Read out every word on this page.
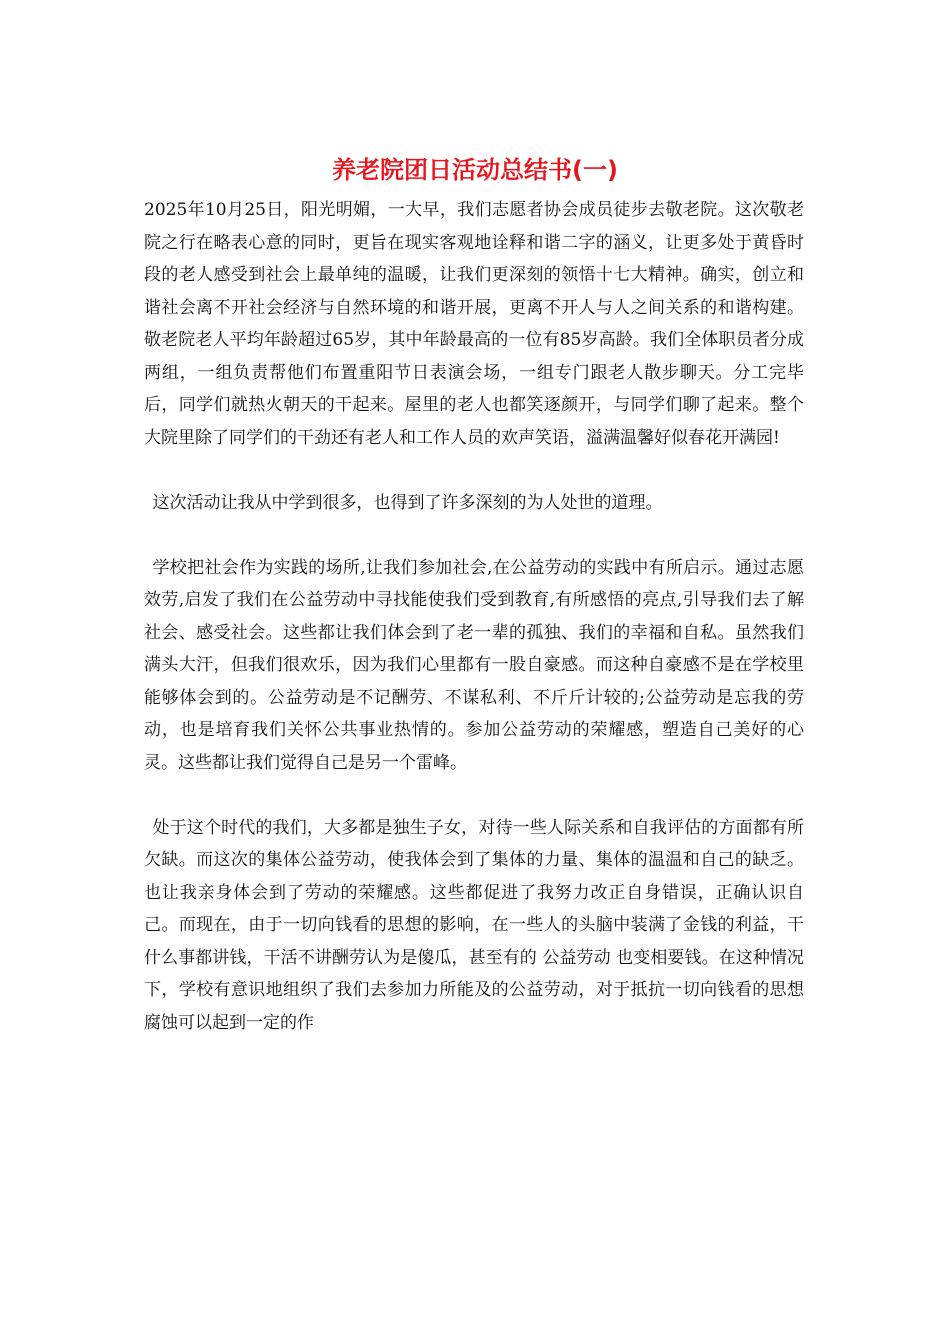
养老院团日活动总结书(一)

2025年10月25日，阳光明媚，一大早，我们志愿者协会成员徒步去敬老院。这次敬老院之行在略表心意的同时，更旨在现实客观地诠释和谐二字的涵义，让更多处于黄昏时段的老人感受到社会上最单纯的温暖，让我们更深刻的领悟十七大精神。确实，创立和谐社会离不开社会经济与自然环境的和谐开展，更离不开人与人之间关系的和谐构建。敬老院老人平均年龄超过65岁，其中年龄最高的一位有85岁高龄。我们全体职员者分成两组，一组负责帮他们布置重阳节日表演会场，一组专门跟老人散步聊天。分工完毕后，同学们就热火朝天的干起来。屋里的老人也都笑逐颜开，与同学们聊了起来。整个大院里除了同学们的干劲还有老人和工作人员的欢声笑语，溢满温馨好似春花开满园!

这次活动让我从中学到很多，也得到了许多深刻的为人处世的道理。

学校把社会作为实践的场所,让我们参加社会,在公益劳动的实践中有所启示。通过志愿效劳,启发了我们在公益劳动中寻找能使我们受到教育,有所感悟的亮点,引导我们去了解社会、感受社会。这些都让我们体会到了老一辈的孤独、我们的幸福和自私。虽然我们满头大汗，但我们很欢乐，因为我们心里都有一股自豪感。而这种自豪感不是在学校里能够体会到的。公益劳动是不记酬劳、不谋私利、不斤斤计较的;公益劳动是忘我的劳动，也是培育我们关怀公共事业热情的。参加公益劳动的荣耀感，塑造自己美好的心灵。这些都让我们觉得自己是另一个雷峰。

处于这个时代的我们，大多都是独生子女，对待一些人际关系和自我评估的方面都有所欠缺。而这次的集体公益劳动，使我体会到了集体的力量、集体的温温和自己的缺乏。也让我亲身体会到了劳动的荣耀感。这些都促进了我努力改正自身错误，正确认识自己。而现在，由于一切向钱看的思想的影响，在一些人的头脑中装满了金钱的利益，干什么事都讲钱，干活不讲酬劳认为是傻瓜，甚至有的 公益劳动 也变相要钱。在这种情况下，学校有意识地组织了我们去参加力所能及的公益劳动，对于抵抗一切向钱看的思想腐蚀可以起到一定的作
